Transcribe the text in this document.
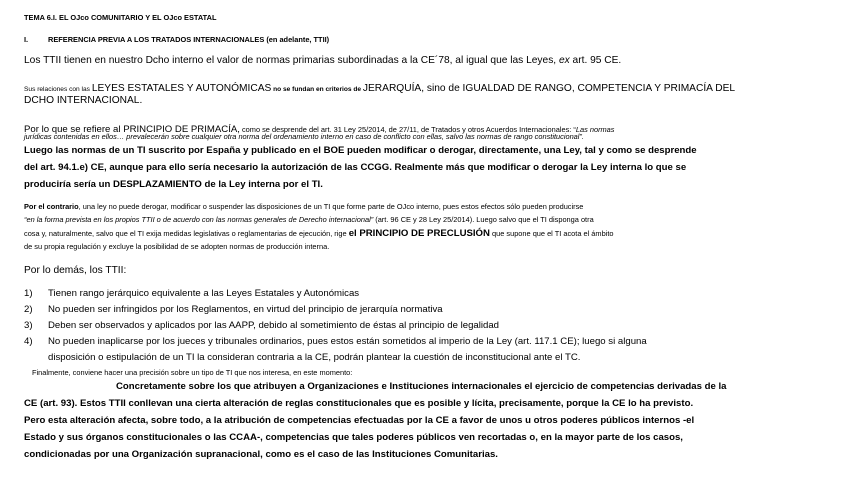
TEMA 6.I. EL OJco COMUNITARIO Y EL OJco ESTATAL
I.	REFERENCIA PREVIA A LOS TRATADOS INTERNACIONALES (en adelante, TTII)
Los TTII tienen en nuestro Dcho interno el valor de normas primarias subordinadas a la CE´78, al igual que las Leyes, ex art. 95 CE.
Sus relaciones con las LEYES ESTATALES Y AUTONÓMICAS no se fundan en criterios de JERARQUÍA, sino de IGUALDAD DE RANGO, COMPETENCIA Y PRIMACÍA DEL
DCHO INTERNACIONAL.
Por lo que se refiere al PRINCIPIO DE PRIMACÍA, como se desprende del art. 31 Ley 25/2014, de 27/11, de Tratados y otros Acuerdos Internacionales: “Las normas
jurídicas contenidas en ellos… prevalecerán sobre cualquier otra norma del ordenamiento interno en caso de conflicto con ellas, salvo las normas de rango constitucional”.
Luego las normas de un TI suscrito por España y publicado en el BOE pueden modificar o derogar, directamente, una Ley, tal y como se desprende
del art. 94.1.e) CE, aunque para ello sería necesario la autorización de las CCGG. Realmente más que modificar o derogar la Ley interna lo que se
produciría sería un DESPLAZAMIENTO de la Ley interna por el TI.
Por el contrario, una ley no puede derogar, modificar o suspender las disposiciones de un TI que forme parte de OJco interno, pues estos efectos sólo pueden producirse
“en la forma prevista en los propios TTII o de acuerdo con las normas generales de Derecho internacional” (art. 96 CE y 28 Ley 25/2014). Luego salvo que el TI disponga otra
cosa y, naturalmente, salvo que el TI exija medidas legislativas o reglamentarias de ejecución, rige el PRINCIPIO DE PRECLUSIÓN que supone que el TI acota el ámbito
de su propia regulación y excluye la posibilidad de se adopten normas de producción interna.
Por lo demás, los TTII:
1) Tienen rango jerárquico equivalente a las Leyes Estatales y Autonómicas
2) No pueden ser infringidos por los Reglamentos, en virtud del principio de jerarquía normativa
3) Deben ser observados y aplicados por las AAPP, debido al sometimiento de éstas al principio de legalidad
4) No pueden inaplicarse por los jueces y tribunales ordinarios, pues estos están sometidos al imperio de la Ley (art. 117.1 CE); luego si alguna
disposición o estipulación de un TI la consideran contraria a la CE, podrán plantear la cuestión de inconstitucional ante el TC.
Finalmente, conviene hacer una precisión sobre un tipo de TI que nos interesa, en este momento:
Concretamente sobre los que atribuyen a Organizaciones e Instituciones internacionales el ejercicio de competencias derivadas de la
CE (art. 93). Estos TTII conllevan una cierta alteración de reglas constitucionales que es posible y lícita, precisamente, porque la CE lo ha previsto.
Pero esta alteración afecta, sobre todo, a la atribución de competencias efectuadas por la CE a favor de unos u otros poderes públicos internos -el
Estado y sus órganos constitucionales o las CCAA-, competencias que tales poderes públicos ven recortadas o, en la mayor parte de los casos,
condicionadas por una Organización supranacional, como es el caso de las Instituciones Comunitarias.
